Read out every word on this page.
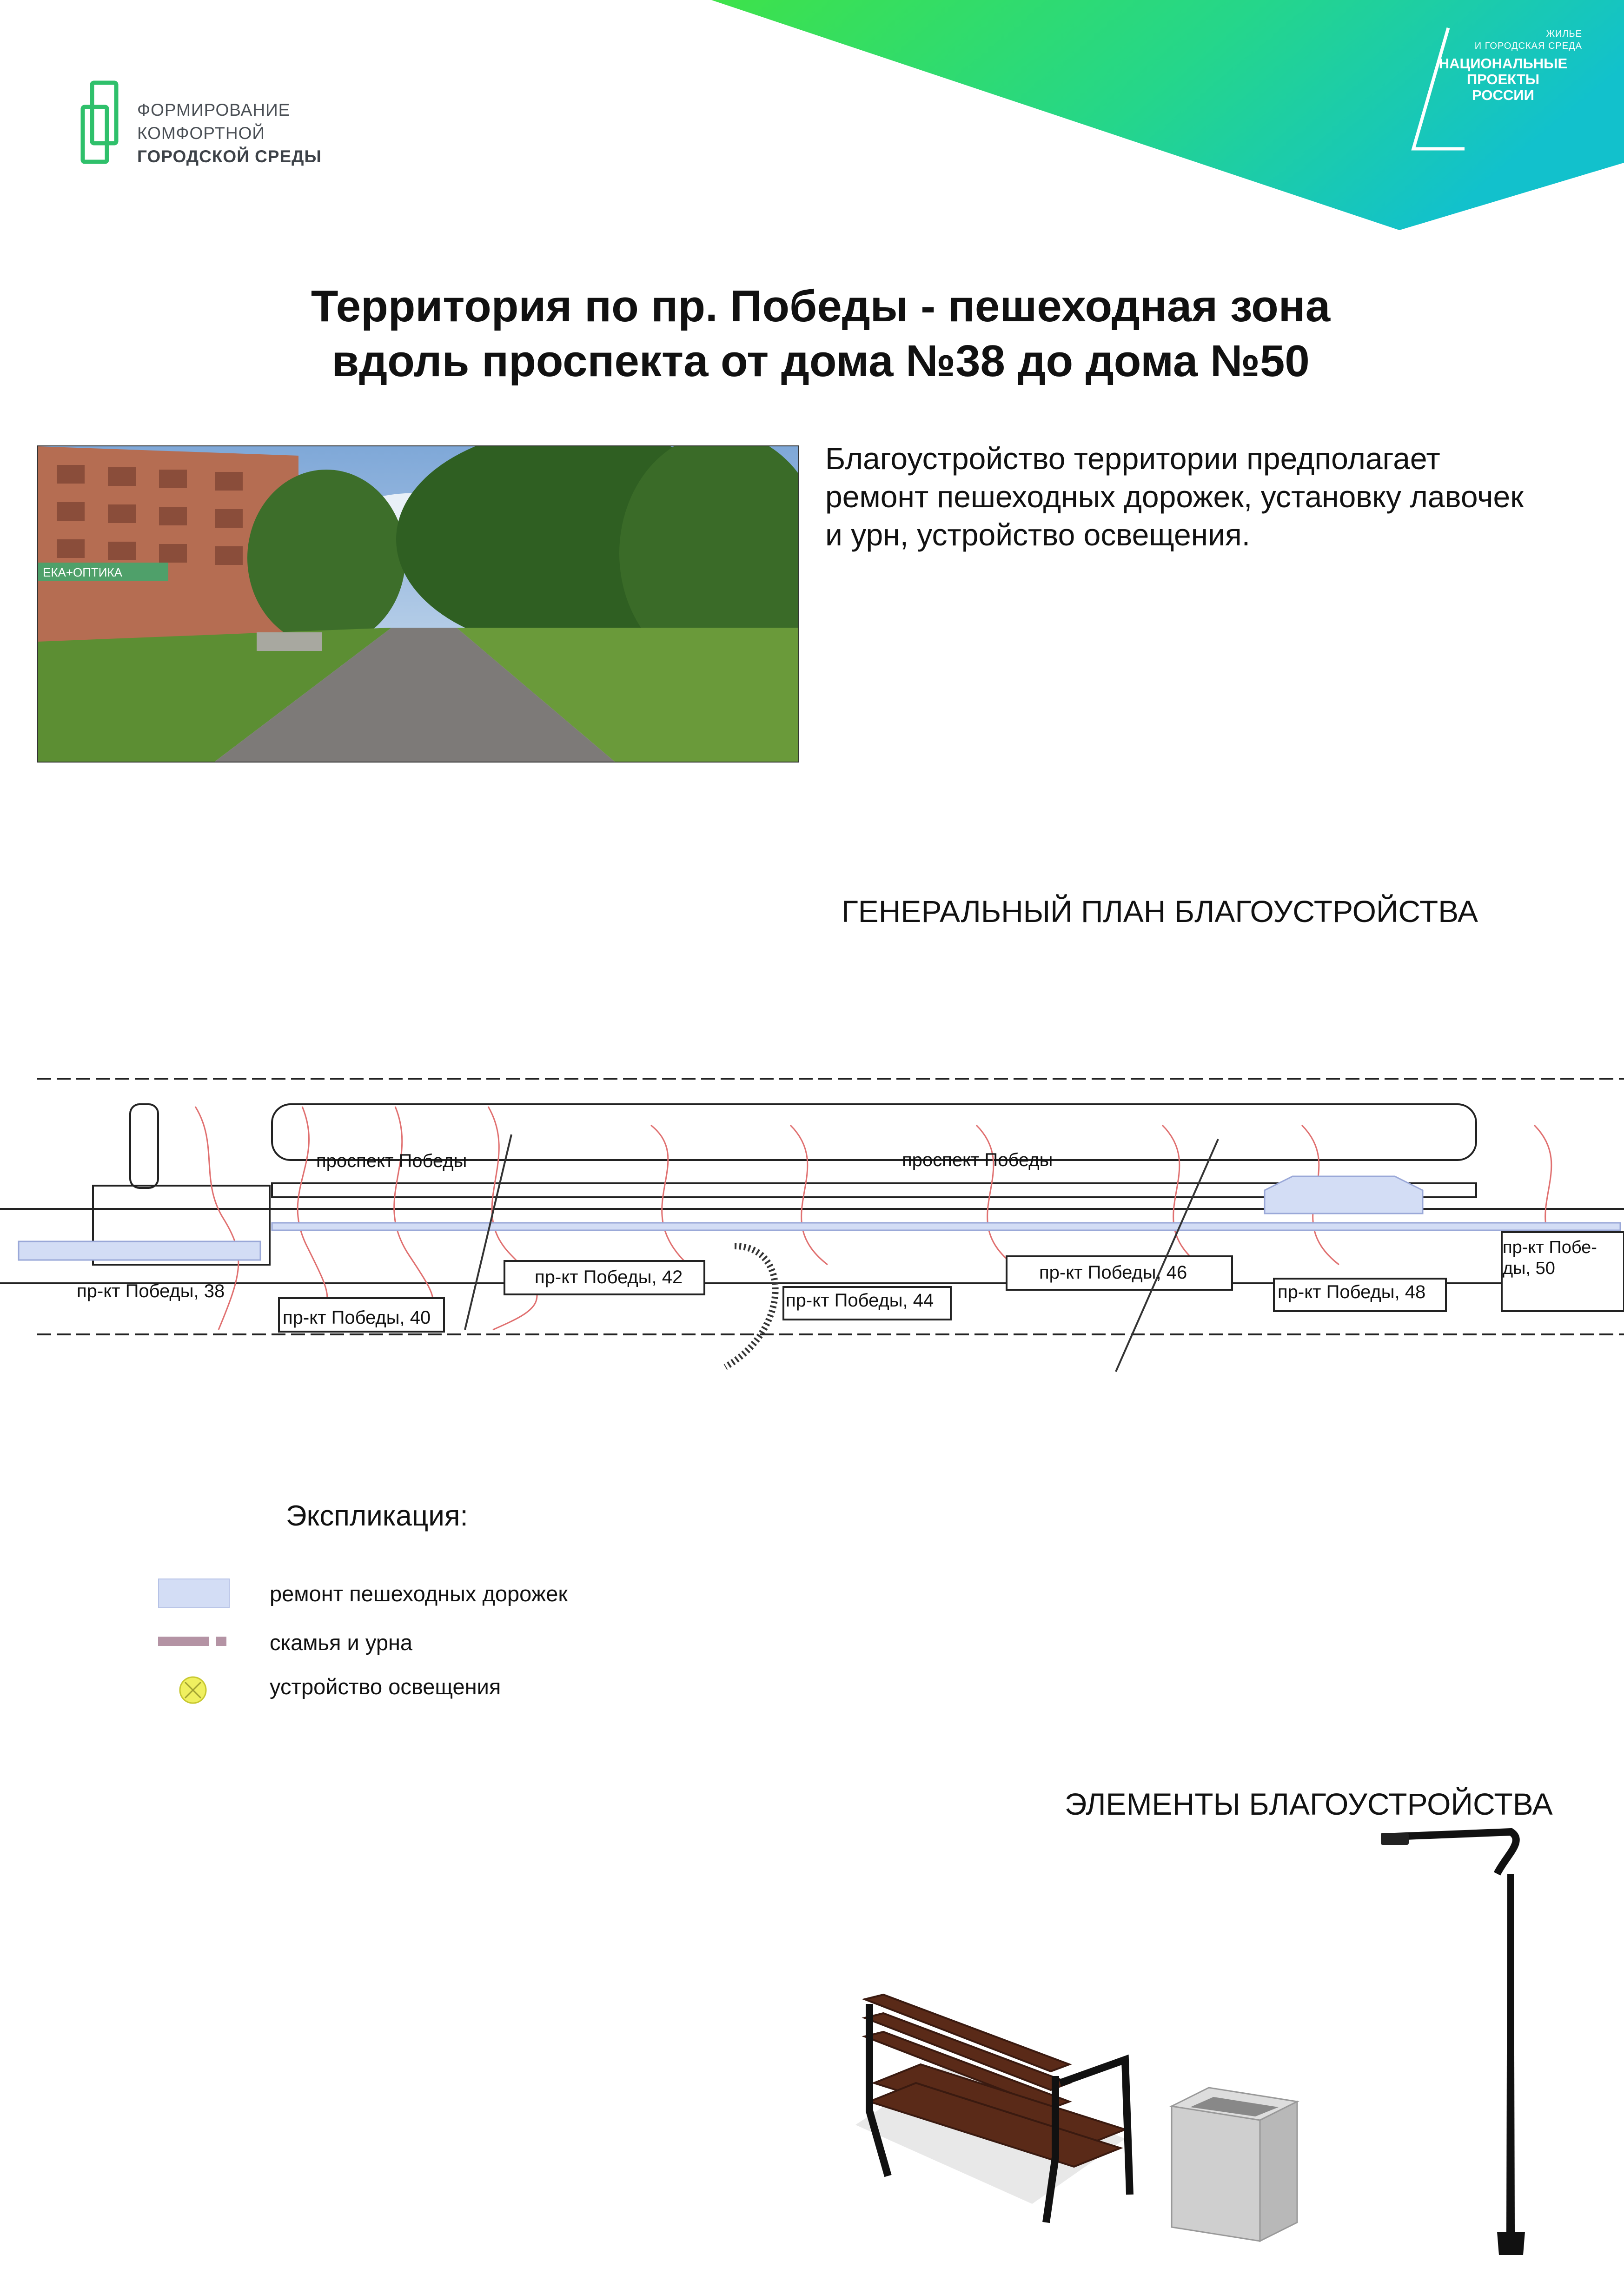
ФОРМИРОВАНИЕ
КОМФОРТНОЙ
ГОРОДСКОЙ СРЕДЫ
ЖИЛЬЕ
И ГОРОДСКАЯ СРЕДА
НАЦИОНАЛЬНЫЕ
ПРОЕКТЫ
РОССИИ
Территория по пр. Победы - пешеходная зона
вдоль проспекта от дома №38 до дома №50
ЕКА+ОПТИКА
Благоустройство территории предполагает
ремонт пешеходных дорожек, установку лавочек
и урн, устройство освещения.
ГЕНЕРАЛЬНЫЙ ПЛАН БЛАГОУСТРОЙСТВА
проспект Победы	проспект Победы
пр-кт Победы, 38
пр-кт Победы, 40
пр-кт Победы, 42
пр-кт Победы, 44
пр-кт Победы, 46
пр-кт Победы, 48
пр-кт Побе-
ды, 50
Экспликация:
ремонт пешеходных дорожек
скамья и урна
устройство освещения
ЭЛЕМЕНТЫ БЛАГОУСТРОЙСТВА
